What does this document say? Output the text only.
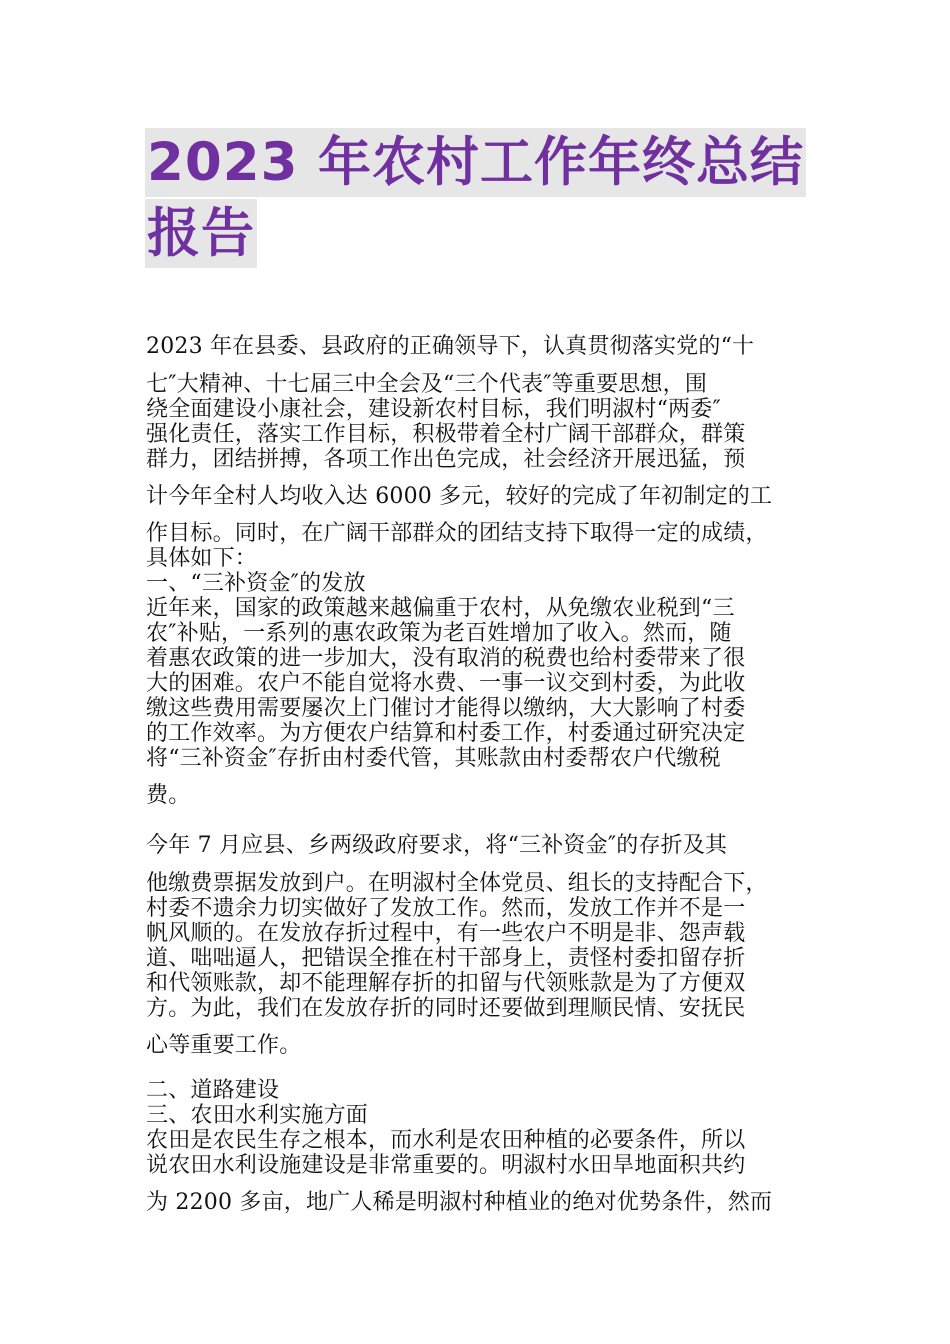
2023 年农村工作年终总结
报告

2023 年在县委、县政府的正确领导下，认真贯彻落实党的“十

七″大精神、十七届三中全会及“三个代表″等重要思想，围

绕全面建设小康社会，建设新农村目标，我们明淑村“两委″

强化责任，落实工作目标，积极带着全村广阔干部群众，群策

群力，团结拼搏，各项工作出色完成，社会经济开展迅猛，预

计今年全村人均收入达 6000 多元，较好的完成了年初制定的工

作目标。同时，在广阔干部群众的团结支持下取得一定的成绩，

具体如下：

一、“三补资金″的发放

近年来，国家的政策越来越偏重于农村，从免缴农业税到“三

农″补贴，一系列的惠农政策为老百姓增加了收入。然而，随

着惠农政策的进一步加大，没有取消的税费也给村委带来了很

大的困难。农户不能自觉将水费、一事一议交到村委，为此收

缴这些费用需要屡次上门催讨才能得以缴纳，大大影响了村委

的工作效率。为方便农户结算和村委工作，村委通过研究决定

将“三补资金″存折由村委代管，其账款由村委帮农户代缴税

费。

今年 7 月应县、乡两级政府要求，将“三补资金″的存折及其

他缴费票据发放到户。在明淑村全体党员、组长的支持配合下，

村委不遗余力切实做好了发放工作。然而，发放工作并不是一

帆风顺的。在发放存折过程中，有一些农户不明是非、怨声载

道、咄咄逼人，把错误全推在村干部身上，责怪村委扣留存折

和代领账款，却不能理解存折的扣留与代领账款是为了方便双

方。为此，我们在发放存折的同时还要做到理顺民情、安抚民

心等重要工作。

二、道路建设

三、农田水利实施方面

农田是农民生存之根本，而水利是农田种植的必要条件，所以

说农田水利设施建设是非常重要的。明淑村水田旱地面积共约

为 2200 多亩，地广人稀是明淑村种植业的绝对优势条件，然而
